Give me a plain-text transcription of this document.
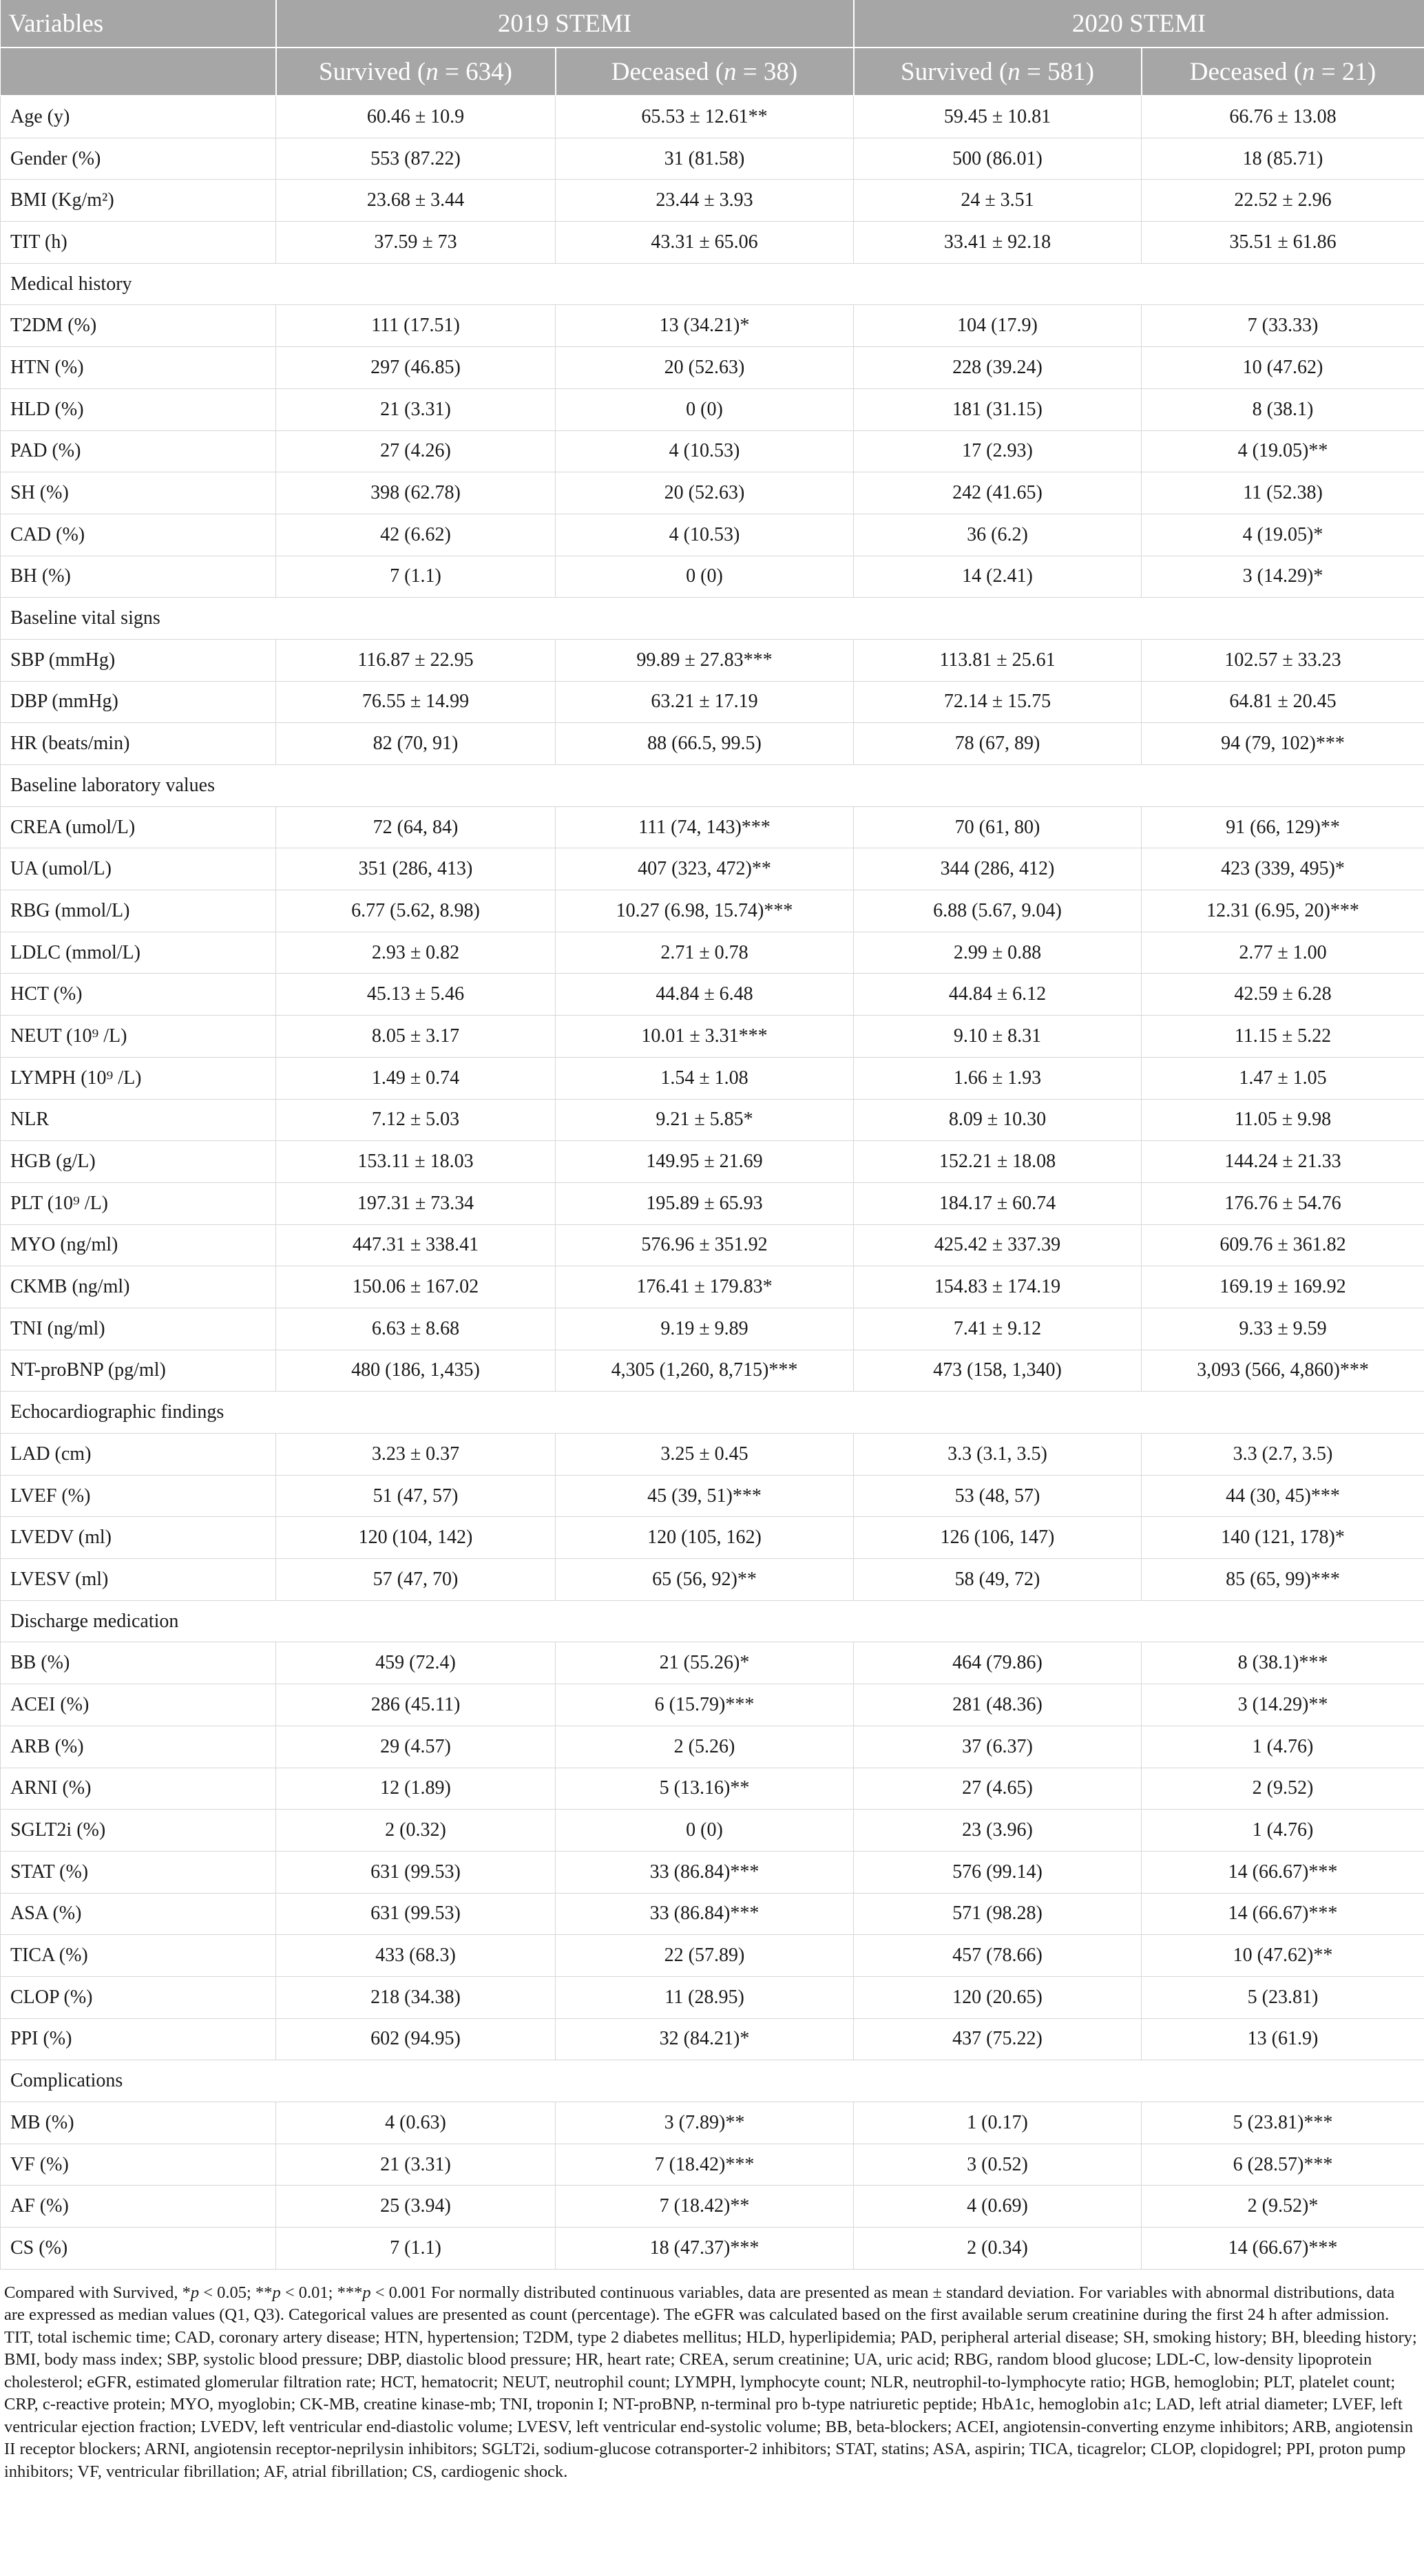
Variables	2019 STEMI		2020 STEMI	
	Survived (n = 634)	Deceased (n = 38)	Survived (n = 581)	Deceased (n = 21)
Age (y)	60.46 ± 10.9	65.53 ± 12.61**	59.45 ± 10.81	66.76 ± 13.08
Gender (%)	553 (87.22)	31 (81.58)	500 (86.01)	18 (85.71)
BMI (Kg/m²)	23.68 ± 3.44	23.44 ± 3.93	24 ± 3.51	22.52 ± 2.96
TIT (h)	37.59 ± 73	43.31 ± 65.06	33.41 ± 92.18	35.51 ± 61.86
Medical history				
T2DM (%)	111 (17.51)	13 (34.21)*	104 (17.9)	7 (33.33)
HTN (%)	297 (46.85)	20 (52.63)	228 (39.24)	10 (47.62)
HLD (%)	21 (3.31)	0 (0)	181 (31.15)	8 (38.1)
PAD (%)	27 (4.26)	4 (10.53)	17 (2.93)	4 (19.05)**
SH (%)	398 (62.78)	20 (52.63)	242 (41.65)	11 (52.38)
CAD (%)	42 (6.62)	4 (10.53)	36 (6.2)	4 (19.05)*
BH (%)	7 (1.1)	0 (0)	14 (2.41)	3 (14.29)*
Baseline vital signs				
SBP (mmHg)	116.87 ± 22.95	99.89 ± 27.83***	113.81 ± 25.61	102.57 ± 33.23
DBP (mmHg)	76.55 ± 14.99	63.21 ± 17.19	72.14 ± 15.75	64.81 ± 20.45
HR (beats/min)	82 (70, 91)	88 (66.5, 99.5)	78 (67, 89)	94 (79, 102)***
Baseline laboratory values				
CREA (umol/L)	72 (64, 84)	111 (74, 143)***	70 (61, 80)	91 (66, 129)**
UA (umol/L)	351 (286, 413)	407 (323, 472)**	344 (286, 412)	423 (339, 495)*
RBG (mmol/L)	6.77 (5.62, 8.98)	10.27 (6.98, 15.74)***	6.88 (5.67, 9.04)	12.31 (6.95, 20)***
LDLC (mmol/L)	2.93 ± 0.82	2.71 ± 0.78	2.99 ± 0.88	2.77 ± 1.00
HCT (%)	45.13 ± 5.46	44.84 ± 6.48	44.84 ± 6.12	42.59 ± 6.28
NEUT (10⁹ /L)	8.05 ± 3.17	10.01 ± 3.31***	9.10 ± 8.31	11.15 ± 5.22
LYMPH (10⁹ /L)	1.49 ± 0.74	1.54 ± 1.08	1.66 ± 1.93	1.47 ± 1.05
NLR	7.12 ± 5.03	9.21 ± 5.85*	8.09 ± 10.30	11.05 ± 9.98
HGB (g/L)	153.11 ± 18.03	149.95 ± 21.69	152.21 ± 18.08	144.24 ± 21.33
PLT (10⁹ /L)	197.31 ± 73.34	195.89 ± 65.93	184.17 ± 60.74	176.76 ± 54.76
MYO (ng/ml)	447.31 ± 338.41	576.96 ± 351.92	425.42 ± 337.39	609.76 ± 361.82
CKMB (ng/ml)	150.06 ± 167.02	176.41 ± 179.83*	154.83 ± 174.19	169.19 ± 169.92
TNI (ng/ml)	6.63 ± 8.68	9.19 ± 9.89	7.41 ± 9.12	9.33 ± 9.59
NT-proBNP (pg/ml)	480 (186, 1,435)	4,305 (1,260, 8,715)***	473 (158, 1,340)	3,093 (566, 4,860)***
Echocardiographic findings				
LAD (cm)	3.23 ± 0.37	3.25 ± 0.45	3.3 (3.1, 3.5)	3.3 (2.7, 3.5)
LVEF (%)	51 (47, 57)	45 (39, 51)***	53 (48, 57)	44 (30, 45)***
LVEDV (ml)	120 (104, 142)	120 (105, 162)	126 (106, 147)	140 (121, 178)*
LVESV (ml)	57 (47, 70)	65 (56, 92)**	58 (49, 72)	85 (65, 99)***
Discharge medication				
BB (%)	459 (72.4)	21 (55.26)*	464 (79.86)	8 (38.1)***
ACEI (%)	286 (45.11)	6 (15.79)***	281 (48.36)	3 (14.29)**
ARB (%)	29 (4.57)	2 (5.26)	37 (6.37)	1 (4.76)
ARNI (%)	12 (1.89)	5 (13.16)**	27 (4.65)	2 (9.52)
SGLT2i (%)	2 (0.32)	0 (0)	23 (3.96)	1 (4.76)
STAT (%)	631 (99.53)	33 (86.84)***	576 (99.14)	14 (66.67)***
ASA (%)	631 (99.53)	33 (86.84)***	571 (98.28)	14 (66.67)***
TICA (%)	433 (68.3)	22 (57.89)	457 (78.66)	10 (47.62)**
CLOP (%)	218 (34.38)	11 (28.95)	120 (20.65)	5 (23.81)
PPI (%)	602 (94.95)	32 (84.21)*	437 (75.22)	13 (61.9)
Complications				
MB (%)	4 (0.63)	3 (7.89)**	1 (0.17)	5 (23.81)***
VF (%)	21 (3.31)	7 (18.42)***	3 (0.52)	6 (28.57)***
AF (%)	25 (3.94)	7 (18.42)**	4 (0.69)	2 (9.52)*
CS (%)	7 (1.1)	18 (47.37)***	2 (0.34)	14 (66.67)***
Compared with Survived, *p < 0.05; **p < 0.01; ***p < 0.001 For normally distributed continuous variables, data are presented as mean ± standard deviation. For variables with abnormal distributions, data are expressed as median values (Q1, Q3). Categorical values are presented as count (percentage). The eGFR was calculated based on the first available serum creatinine during the first 24 h after admission. TIT, total ischemic time; CAD, coronary artery disease; HTN, hypertension; T2DM, type 2 diabetes mellitus; HLD, hyperlipidemia; PAD, peripheral arterial disease; SH, smoking history; BH, bleeding history; BMI, body mass index; SBP, systolic blood pressure; DBP, diastolic blood pressure; HR, heart rate; CREA, serum creatinine; UA, uric acid; RBG, random blood glucose; LDL-C, low-density lipoprotein cholesterol; eGFR, estimated glomerular filtration rate; HCT, hematocrit; NEUT, neutrophil count; LYMPH, lymphocyte count; NLR, neutrophil-to-lymphocyte ratio; HGB, hemoglobin; PLT, platelet count; CRP, c-reactive protein; MYO, myoglobin; CK-MB, creatine kinase-mb; TNI, troponin I; NT-proBNP, n-terminal pro b-type natriuretic peptide; HbA1c, hemoglobin a1c; LAD, left atrial diameter; LVEF, left ventricular ejection fraction; LVEDV, left ventricular end-diastolic volume; LVESV, left ventricular end-systolic volume; BB, beta-blockers; ACEI, angiotensin-converting enzyme inhibitors; ARB, angiotensin II receptor blockers; ARNI, angiotensin receptor-neprilysin inhibitors; SGLT2i, sodium-glucose cotransporter-2 inhibitors; STAT, statins; ASA, aspirin; TICA, ticagrelor; CLOP, clopidogrel; PPI, proton pump inhibitors; VF, ventricular fibrillation; AF, atrial fibrillation; CS, cardiogenic shock.
